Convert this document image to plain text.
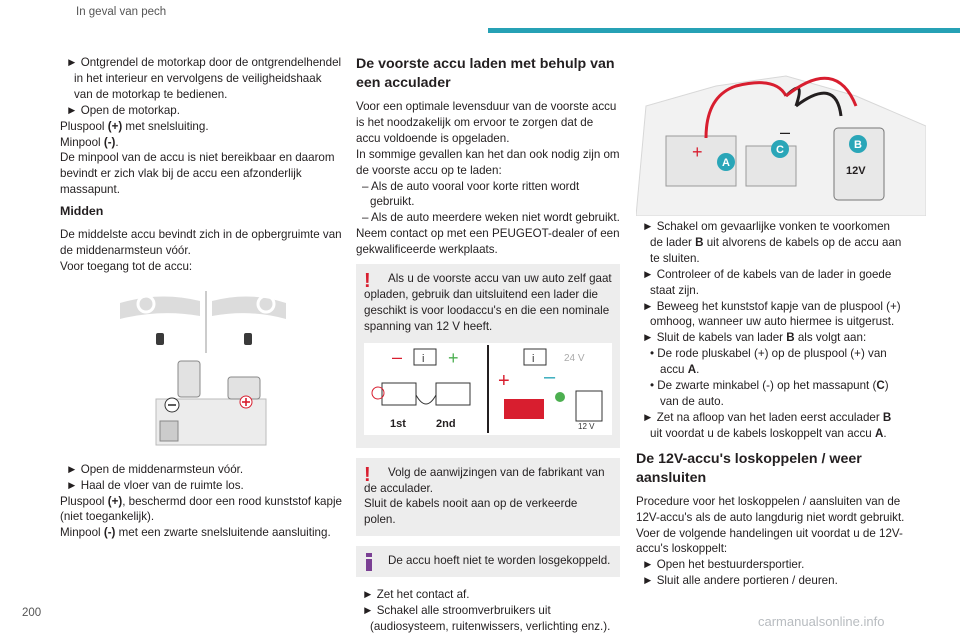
In geval van pech

► Ontgrendel de motorkap door de ontgrendelhendel in het interieur en vervolgens de veiligheidshaak van de motorkap te bedienen.

► Open de motorkap.

Pluspool (+) met snelsluiting.

Minpool (-).

De minpool van de accu is niet bereikbaar en daarom bevindt er zich vlak bij de accu een afzonderlijk massapunt.

Midden

De middelste accu bevindt zich in de opbergruimte van de middenarmsteun vóór.

Voor toegang tot de accu:

► Open de middenarmsteun vóór.

► Haal de vloer van de ruimte los.

Pluspool (+), beschermd door een rood kunststof kapje (niet toegankelijk).

Minpool (-) met een zwarte snelsluitende aansluiting.

De voorste accu laden met behulp van een acculader

Voor een optimale levensduur van de voorste accu is het noodzakelijk om ervoor te zorgen dat de accu voldoende is opgeladen.

In sommige gevallen kan het dan ook nodig zijn om de voorste accu op te laden:

– Als de auto vooral voor korte ritten wordt gebruikt.

– Als de auto meerdere weken niet wordt gebruikt.

Neem contact op met een PEUGEOT-dealer of een gekwalificeerde werkplaats.

!	Als u de voorste accu van uw auto zelf gaat opladen, gebruik dan uitsluitend een lader die geschikt is voor loodaccu's en die een nominale spanning van 12 V heeft.

– i +
1st	2nd
i	24 V
+ –
12 V
!	Volg de aanwijzingen van de fabrikant van de acculader.

Sluit de kabels nooit aan op de verkeerde polen.

De accu hoeft niet te worden losgekoppeld.

► Zet het contact af.

► Schakel alle stroomverbruikers uit (audiosysteem, ruitenwissers, verlichting enz.).

+
–
A
C	B
12V

► Schakel om gevaarlijke vonken te voorkomen de lader B uit alvorens de kabels op de accu aan te sluiten.

► Controleer of de kabels van de lader in goede staat zijn.

► Beweeg het kunststof kapje van de pluspool (+) omhoog, wanneer uw auto hiermee is uitgerust.

► Sluit de kabels van lader B als volgt aan:

• De rode pluskabel (+) op de pluspool (+) van accu A.

• De zwarte minkabel (-) op het massapunt (C) van de auto.

► Zet na afloop van het laden eerst acculader B uit voordat u de kabels loskoppelt van accu A.

De 12V-accu's loskoppelen / weer aansluiten

Procedure voor het loskoppelen / aansluiten van de 12V-accu's als de auto langdurig niet wordt gebruikt.

Voer de volgende handelingen uit voordat u de 12V-accu's loskoppelt:

► Open het bestuurdersportier.

► Sluit alle andere portieren / deuren.

200
carmanualsonline.info
